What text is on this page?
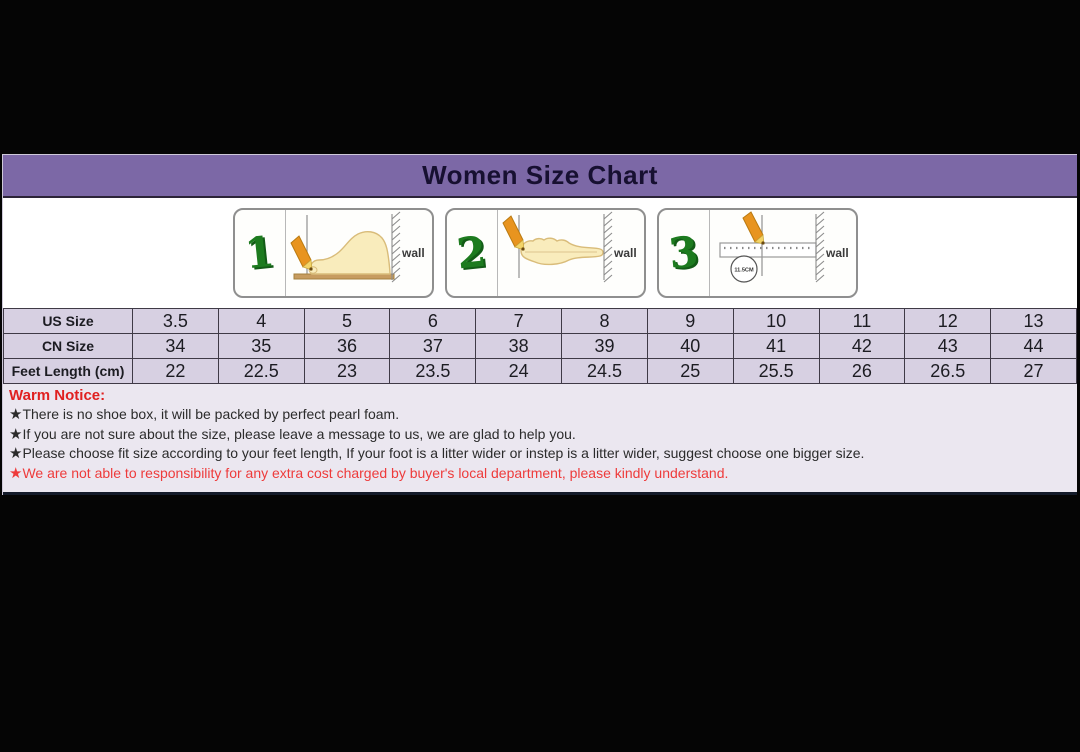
Women Size Chart
1	wall 2	wall 3	11.5CM
wall
US Size	3.5	4	5	6	7	8	9	10	11	12	13
CN Size	34	35	36	37	38	39	40	41	42	43	44
Feet Length (cm)	22	22.5	23	23.5	24	24.5	25	25.5	26	26.5	27
Warm Notice:
★There is no shoe box, it will be packed by perfect pearl foam.
★If you are not sure about the size, please leave a message to us, we are glad to help you.
★Please choose fit size according to your feet length, If your foot is a litter wider or instep is a litter wider, suggest choose one bigger size.
★We are not able to responsibility for any extra cost charged by buyer's local department, please kindly understand.
